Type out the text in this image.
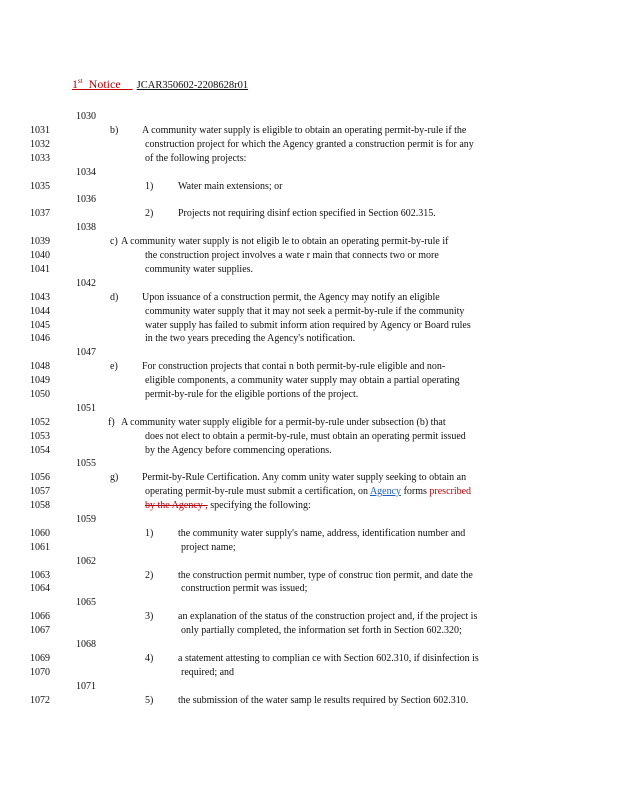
1st Notice JCAR350602-2208628r01
1030
1031	b) A community water supply is eligible to obtain an operating permit-by-rule if the
1032	construction project for which the Agency granted a construction permit is for any
1033	of the following projects:
1034
1035	1) Water main extensions; or
1036
1037	2) Projects not requiring disinf ection specified in Section 602.315.
1038
1039	c) A community water supply is not eligib le to obtain an operating permit-by-rule if
1040	the construction project involves a wate r main that connects two or more
1041	community water supplies.
1042
1043	d) Upon issuance of a construction permit, the Agency may notify an eligible
1044	community water supply that it may not seek a permit-by-rule if the community
1045	water supply has failed to submit inform ation required by Agency or Board rules
1046	in the two years preceding the Agency's notification.
1047
1048	e) For construction projects that contai n both permit-by-rule eligible and non-
1049	eligible components, a community water supply may obtain a partial operating
1050	permit-by-rule for the eligible portions of the project.
1051
1052	f) A community water supply eligible for a permit-by-rule under subsection (b) that
1053	does not elect to obtain a permit-by-rule, must obtain an operating permit issued
1054	by the Agency before commencing operations.
1055
1056	g) Permit-by-Rule Certification. Any comm unity water supply seeking to obtain an
1057	operating permit-by-rule must submit a certification, on Agency forms prescribed
1058	by the Agency , specifying the following:
1059
1060	1) the community water supply's name, address, identification number and
1061	project name;
1062
1063	2) the construction permit number, type of construc tion permit, and date the
1064	construction permit was issued;
1065
1066	3) an explanation of the status of the construction project and, if the project is
1067	only partially completed, the information set forth in Section 602.320;
1068
1069	4) a statement attesting to complian ce with Section 602.310, if disinfection is
1070	required; and
1071
1072	5) the submission of the water samp le results required by Section 602.310.
